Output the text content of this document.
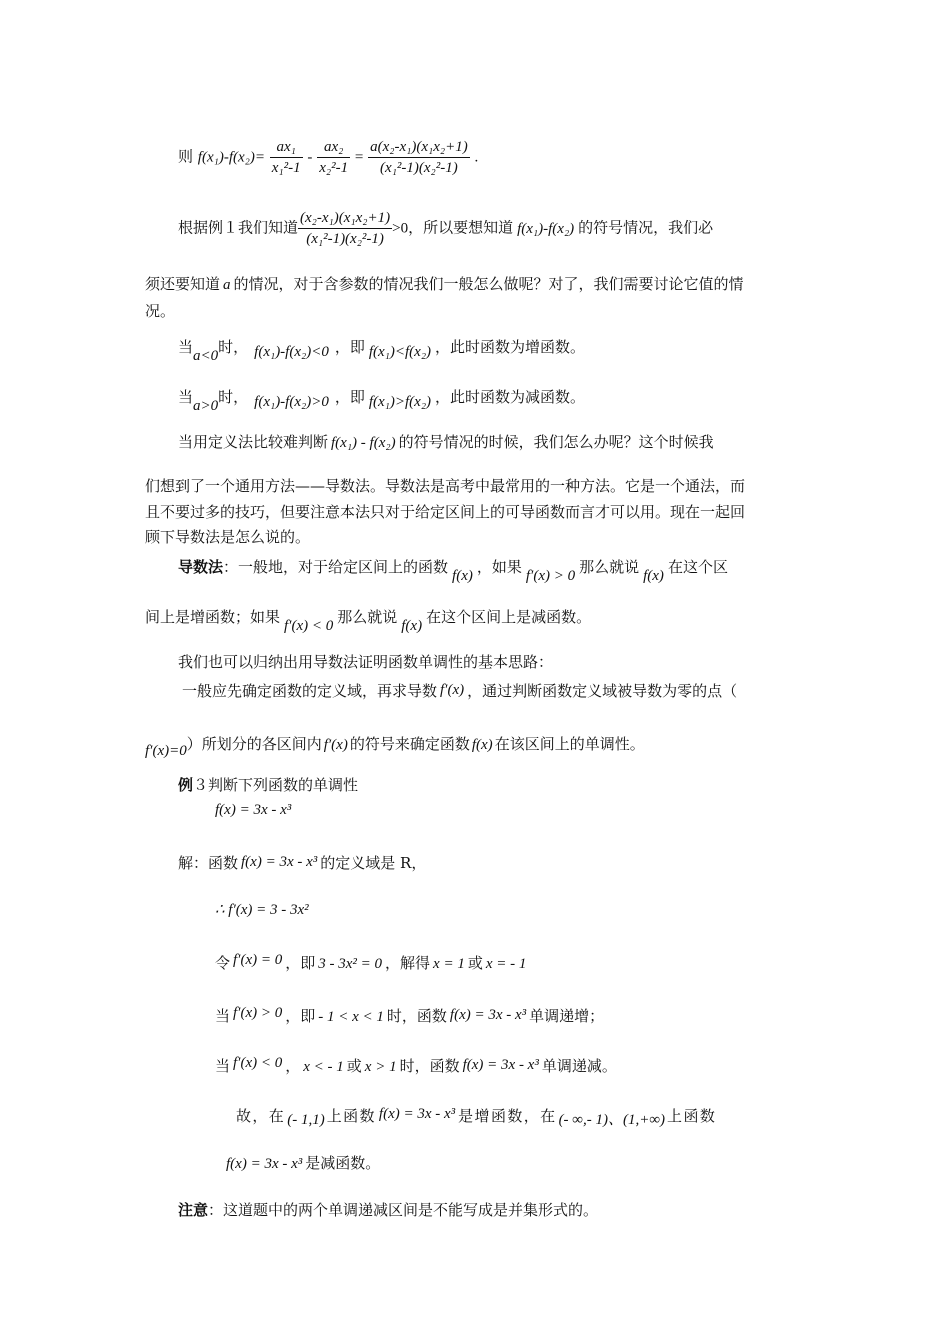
则 $f(x_1)-f(x_2)= \frac{\text{ax₁}}{\text{x₁²-1}} - \frac{\text{ax₂}}{\text{x₂²-1}} = \frac{\text{a(x₂-x₁)(x₁x₂+1)}}{\text{(x₁²-1)(x₂²-1)}}$ .
根据例１我们知道 $\frac{\text{(x₂-x₁)(x₁x₂+1)}}{\text{(x₁²-1)(x₂²-1)}} >0$，所以要想知道 f(x₁)-f(x₂) 的符号情况，我们必
须还要知道 a 的情况，对于含参数的情况我们一般怎么做呢？对了，我们需要讨论它值的情
况。
当a<0时， f(x₁)-f(x₂)<0 ，即 f(x₁)<f(x₂) ，此时函数为增函数。
当a>0时， f(x₁)-f(x₂)>0 ，即 f(x₁)>f(x₂) ，此时函数为减函数。
当用定义法比较难判断 f(x₁) - f(x₂) 的符号情况的时候，我们怎么办呢？这个时候我
们想到了一个通用方法——导数法。导数法是高考中最常用的一种方法。它是一个通法，而
且不要过多的技巧，但要注意本法只对于给定区间上的可导函数而言才可以用。现在一起回
顾下导数法是怎么说的。
导数法：一般地，对于给定区间上的函数 f(x) ，如果 f′(x) > 0 那么就说 f(x) 在这个区
间上是增函数；如果 f′(x) < 0 那么就说 f(x) 在这个区间上是减函数。
我们也可以归纳出用导数法证明函数单调性的基本思路：
一般应先确定函数的定义域，再求导数 f′(x) ，通过判断函数定义域被导数为零的点（
f′(x)=0）所划分的各区间内 f′(x) 的符号来确定函数 f(x) 在该区间上的单调性。
例３判断下列函数的单调性
f(x) = 3x - x³
解：函数 f(x) = 3x - x³ 的定义域是 R，
∴ f′(x) = 3 - 3x²
令 f′(x) = 0 ，即 3 - 3x² = 0 ，解得 x = 1 或 x = - 1
当 f′(x) > 0 ，即 - 1 < x < 1 时，函数 f(x) = 3x - x³ 单调递增；
当 f′(x) < 0 ， x < - 1 或 x > 1 时，函数 f(x) = 3x - x³ 单调递减。
故，在 (- 1,1) 上函数 f(x) = 3x - x³ 是增函数，在 (- ∞,- 1)、(1,+∞) 上函数
f(x) = 3x - x³ 是减函数。
注意：这道题中的两个单调递减区间是不能写成是并集形式的。
